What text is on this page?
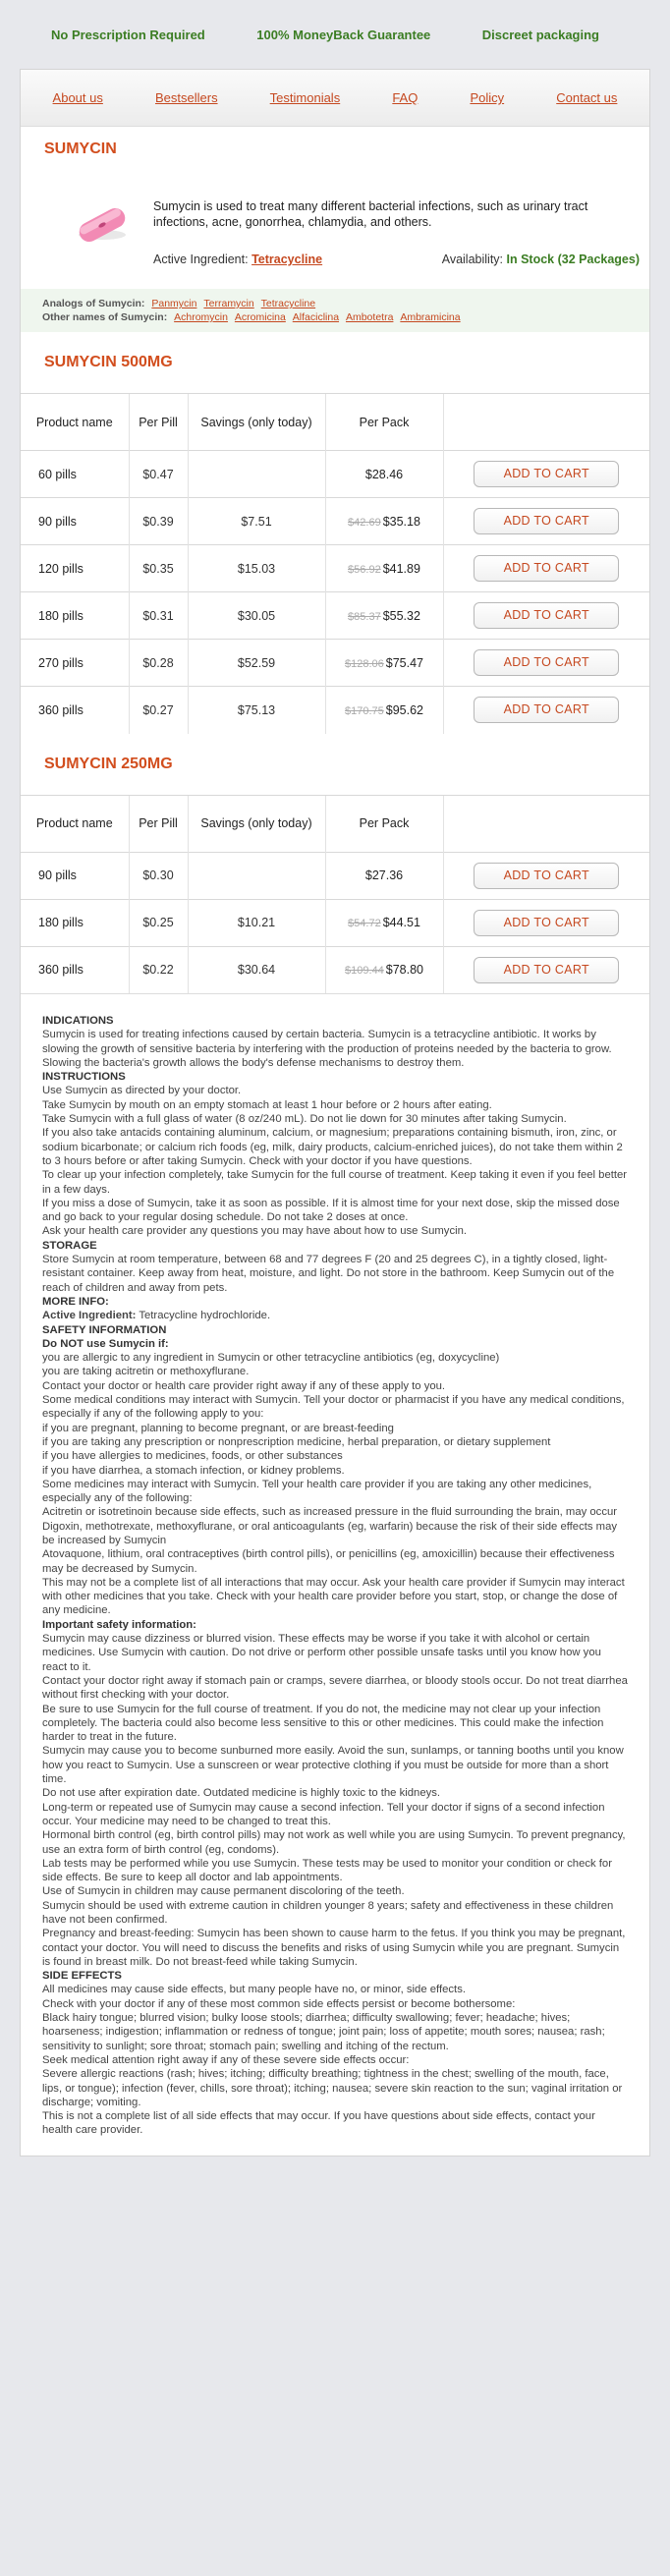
No Prescription Required	100% MoneyBack Guarantee	Discreet packaging
About us	Bestsellers	Testimonials	FAQ	Policy	Contact us
SUMYCIN
Sumycin is used to treat many different bacterial infections, such as urinary tract infections, acne, gonorrhea, chlamydia, and others.
Active Ingredient: Tetracycline	Availability: In Stock (32 Packages)
Analogs of Sumycin: Panmycin Terramycin Tetracycline
Other names of Sumycin: Achromycin Acromicina Alfaciclina Ambotetra Ambramicina
SUMYCIN 500MG
Product name	Per Pill	Savings (only today)	Per Pack	
60 pills	$0.47		$28.46	ADD TO CART
90 pills	$0.39	$7.51	$42.69 $35.18	ADD TO CART
120 pills	$0.35	$15.03	$56.92 $41.89	ADD TO CART
180 pills	$0.31	$30.05	$85.37 $55.32	ADD TO CART
270 pills	$0.28	$52.59	$128.06 $75.47	ADD TO CART
360 pills	$0.27	$75.13	$170.75 $95.62	ADD TO CART
SUMYCIN 250MG
Product name	Per Pill	Savings (only today)	Per Pack	
90 pills	$0.30		$27.36	ADD TO CART
180 pills	$0.25	$10.21	$54.72 $44.51	ADD TO CART
360 pills	$0.22	$30.64	$109.44 $78.80	ADD TO CART
INDICATIONS
Sumycin is used for treating infections caused by certain bacteria. Sumycin is a tetracycline antibiotic. It works by slowing the growth of sensitive bacteria by interfering with the production of proteins needed by the bacteria to grow. Slowing the bacteria's growth allows the body's defense mechanisms to destroy them.
INSTRUCTIONS
Use Sumycin as directed by your doctor.
Take Sumycin by mouth on an empty stomach at least 1 hour before or 2 hours after eating.
Take Sumycin with a full glass of water (8 oz/240 mL). Do not lie down for 30 minutes after taking Sumycin.
If you also take antacids containing aluminum, calcium, or magnesium; preparations containing bismuth, iron, zinc, or sodium bicarbonate; or calcium rich foods (eg, milk, dairy products, calcium-enriched juices), do not take them within 2 to 3 hours before or after taking Sumycin. Check with your doctor if you have questions.
To clear up your infection completely, take Sumycin for the full course of treatment. Keep taking it even if you feel better in a few days.
If you miss a dose of Sumycin, take it as soon as possible. If it is almost time for your next dose, skip the missed dose and go back to your regular dosing schedule. Do not take 2 doses at once.
Ask your health care provider any questions you may have about how to use Sumycin.
STORAGE
Store Sumycin at room temperature, between 68 and 77 degrees F (20 and 25 degrees C), in a tightly closed, light-resistant container. Keep away from heat, moisture, and light. Do not store in the bathroom. Keep Sumycin out of the reach of children and away from pets.
MORE INFO:
Active Ingredient: Tetracycline hydrochloride.
SAFETY INFORMATION
Do NOT use Sumycin if:
you are allergic to any ingredient in Sumycin or other tetracycline antibiotics (eg, doxycycline)
you are taking acitretin or methoxyflurane.
Contact your doctor or health care provider right away if any of these apply to you.
Some medical conditions may interact with Sumycin. Tell your doctor or pharmacist if you have any medical conditions, especially if any of the following apply to you:
if you are pregnant, planning to become pregnant, or are breast-feeding
if you are taking any prescription or nonprescription medicine, herbal preparation, or dietary supplement
if you have allergies to medicines, foods, or other substances
if you have diarrhea, a stomach infection, or kidney problems.
Some medicines may interact with Sumycin. Tell your health care provider if you are taking any other medicines, especially any of the following:
Acitretin or isotretinoin because side effects, such as increased pressure in the fluid surrounding the brain, may occur
Digoxin, methotrexate, methoxyflurane, or oral anticoagulants (eg, warfarin) because the risk of their side effects may be increased by Sumycin
Atovaquone, lithium, oral contraceptives (birth control pills), or penicillins (eg, amoxicillin) because their effectiveness may be decreased by Sumycin.
This may not be a complete list of all interactions that may occur. Ask your health care provider if Sumycin may interact with other medicines that you take. Check with your health care provider before you start, stop, or change the dose of any medicine.
Important safety information:
Sumycin may cause dizziness or blurred vision. These effects may be worse if you take it with alcohol or certain medicines. Use Sumycin with caution. Do not drive or perform other possible unsafe tasks until you know how you react to it.
Contact your doctor right away if stomach pain or cramps, severe diarrhea, or bloody stools occur. Do not treat diarrhea without first checking with your doctor.
Be sure to use Sumycin for the full course of treatment. If you do not, the medicine may not clear up your infection completely. The bacteria could also become less sensitive to this or other medicines. This could make the infection harder to treat in the future.
Sumycin may cause you to become sunburned more easily. Avoid the sun, sunlamps, or tanning booths until you know how you react to Sumycin. Use a sunscreen or wear protective clothing if you must be outside for more than a short time.
Do not use after expiration date. Outdated medicine is highly toxic to the kidneys.
Long-term or repeated use of Sumycin may cause a second infection. Tell your doctor if signs of a second infection occur. Your medicine may need to be changed to treat this.
Hormonal birth control (eg, birth control pills) may not work as well while you are using Sumycin. To prevent pregnancy, use an extra form of birth control (eg, condoms).
Lab tests may be performed while you use Sumycin. These tests may be used to monitor your condition or check for side effects. Be sure to keep all doctor and lab appointments.
Use of Sumycin in children may cause permanent discoloring of the teeth.
Sumycin should be used with extreme caution in children younger 8 years; safety and effectiveness in these children have not been confirmed.
Pregnancy and breast-feeding: Sumycin has been shown to cause harm to the fetus. If you think you may be pregnant, contact your doctor. You will need to discuss the benefits and risks of using Sumycin while you are pregnant. Sumycin is found in breast milk. Do not breast-feed while taking Sumycin.
SIDE EFFECTS
All medicines may cause side effects, but many people have no, or minor, side effects.
Check with your doctor if any of these most common side effects persist or become bothersome:
Black hairy tongue; blurred vision; bulky loose stools; diarrhea; difficulty swallowing; fever; headache; hives; hoarseness; indigestion; inflammation or redness of tongue; joint pain; loss of appetite; mouth sores; nausea; rash; sensitivity to sunlight; sore throat; stomach pain; swelling and itching of the rectum.
Seek medical attention right away if any of these severe side effects occur:
Severe allergic reactions (rash; hives; itching; difficulty breathing; tightness in the chest; swelling of the mouth, face, lips, or tongue); infection (fever, chills, sore throat); itching; nausea; severe skin reaction to the sun; vaginal irritation or discharge; vomiting.
This is not a complete list of all side effects that may occur. If you have questions about side effects, contact your health care provider.
